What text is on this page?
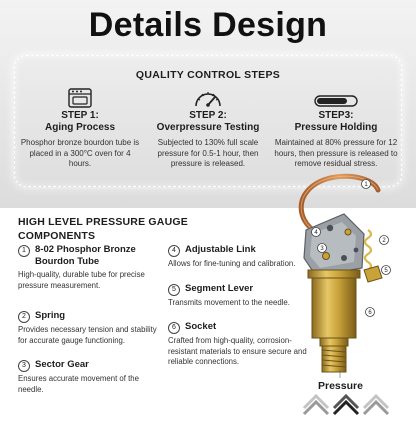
Details Design
QUALITY CONTROL STEPS
STEP 1:
Aging Process
Phosphor bronze bourdon tube is placed in a 300°C oven for 4 hours.
STEP 2:
Overpressure Testing
Subjected to 130% full scale pressure for 0.5-1 hour, then pressure is released.
STEP3:
Pressure Holding
Maintained at 80% pressure for 12 hours, then pressure is released to remove residual stress.
HIGH LEVEL PRESSURE GAUGE COMPONENTS
1 8-02 Phosphor Bronze Bourdon Tube
High-quality, durable tube for precise pressure measurement.
2 Spring
Provides necessary tension and stability for accurate gauge functioning.
3 Sector Gear
Ensures accurate movement of the needle.
4 Adjustable Link
Allows for fine-tuning and calibration.
5 Segment Lever
Transmits movement to the needle.
6 Socket
Crafted from high-quality, corrosion-resistant materials to ensure secure and reliable connections.
1
2
3
4
5
6
Pressure
